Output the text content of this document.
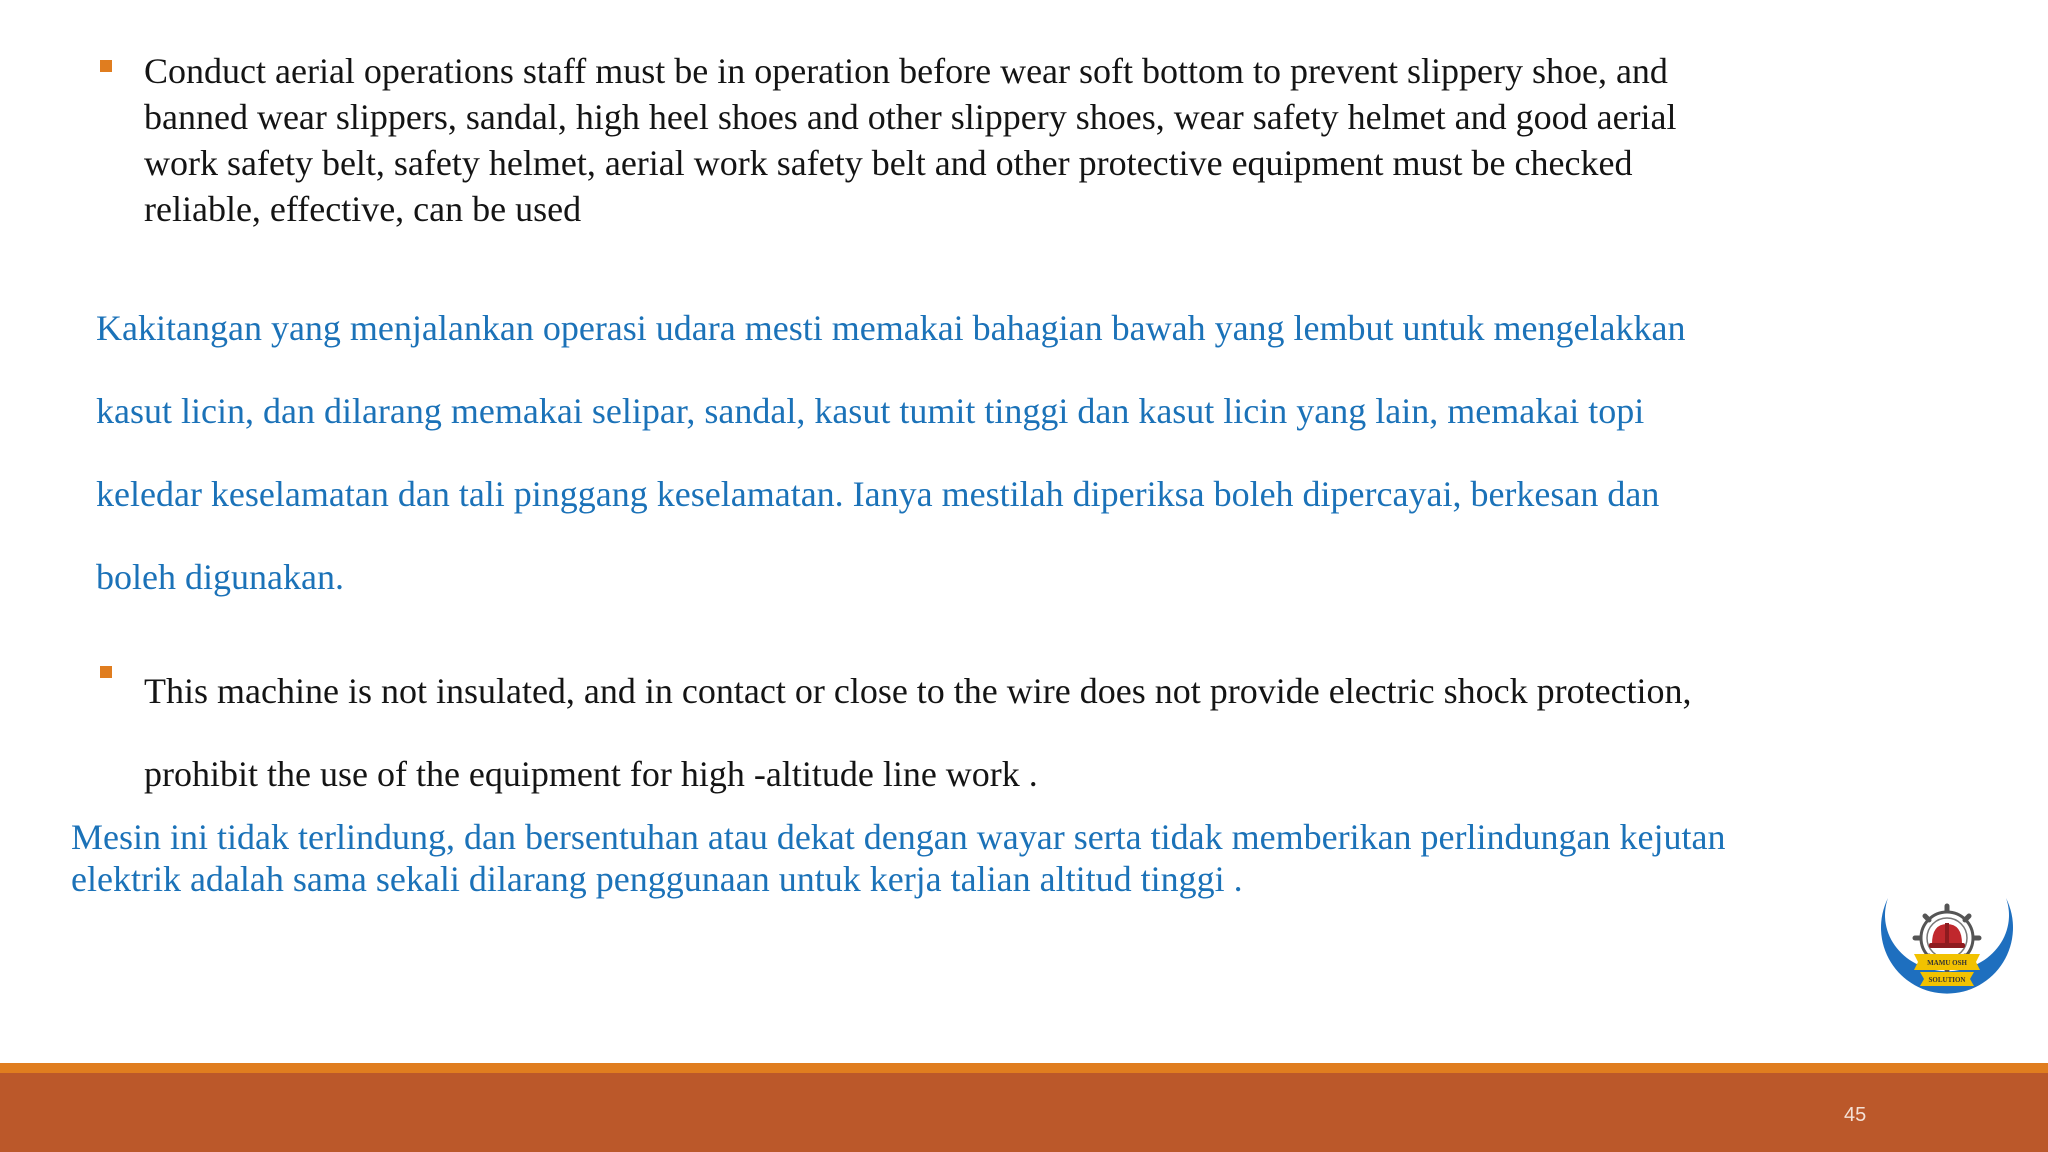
Conduct aerial operations staff must be in operation before wear soft bottom to prevent slippery shoe, and
banned wear slippers, sandal, high heel shoes and other slippery shoes, wear safety helmet and good aerial
work safety belt, safety helmet, aerial work safety belt and other protective equipment must be checked
reliable, effective, can be used
Kakitangan yang menjalankan operasi udara mesti memakai bahagian bawah yang lembut untuk mengelakkan
kasut licin, dan dilarang memakai selipar, sandal, kasut tumit tinggi dan kasut licin yang lain, memakai topi
keledar keselamatan dan tali pinggang keselamatan. Ianya mestilah diperiksa boleh dipercayai, berkesan dan
boleh digunakan.
This machine is not insulated, and in contact or close to the wire does not provide electric shock protection,
prohibit the use of the equipment for high -altitude line work .
Mesin ini tidak terlindung, dan bersentuhan atau dekat dengan wayar serta tidak memberikan perlindungan kejutan
elektrik adalah sama sekali dilarang penggunaan untuk kerja talian altitud tinggi .
MAMU OSH
SOLUTION
45
